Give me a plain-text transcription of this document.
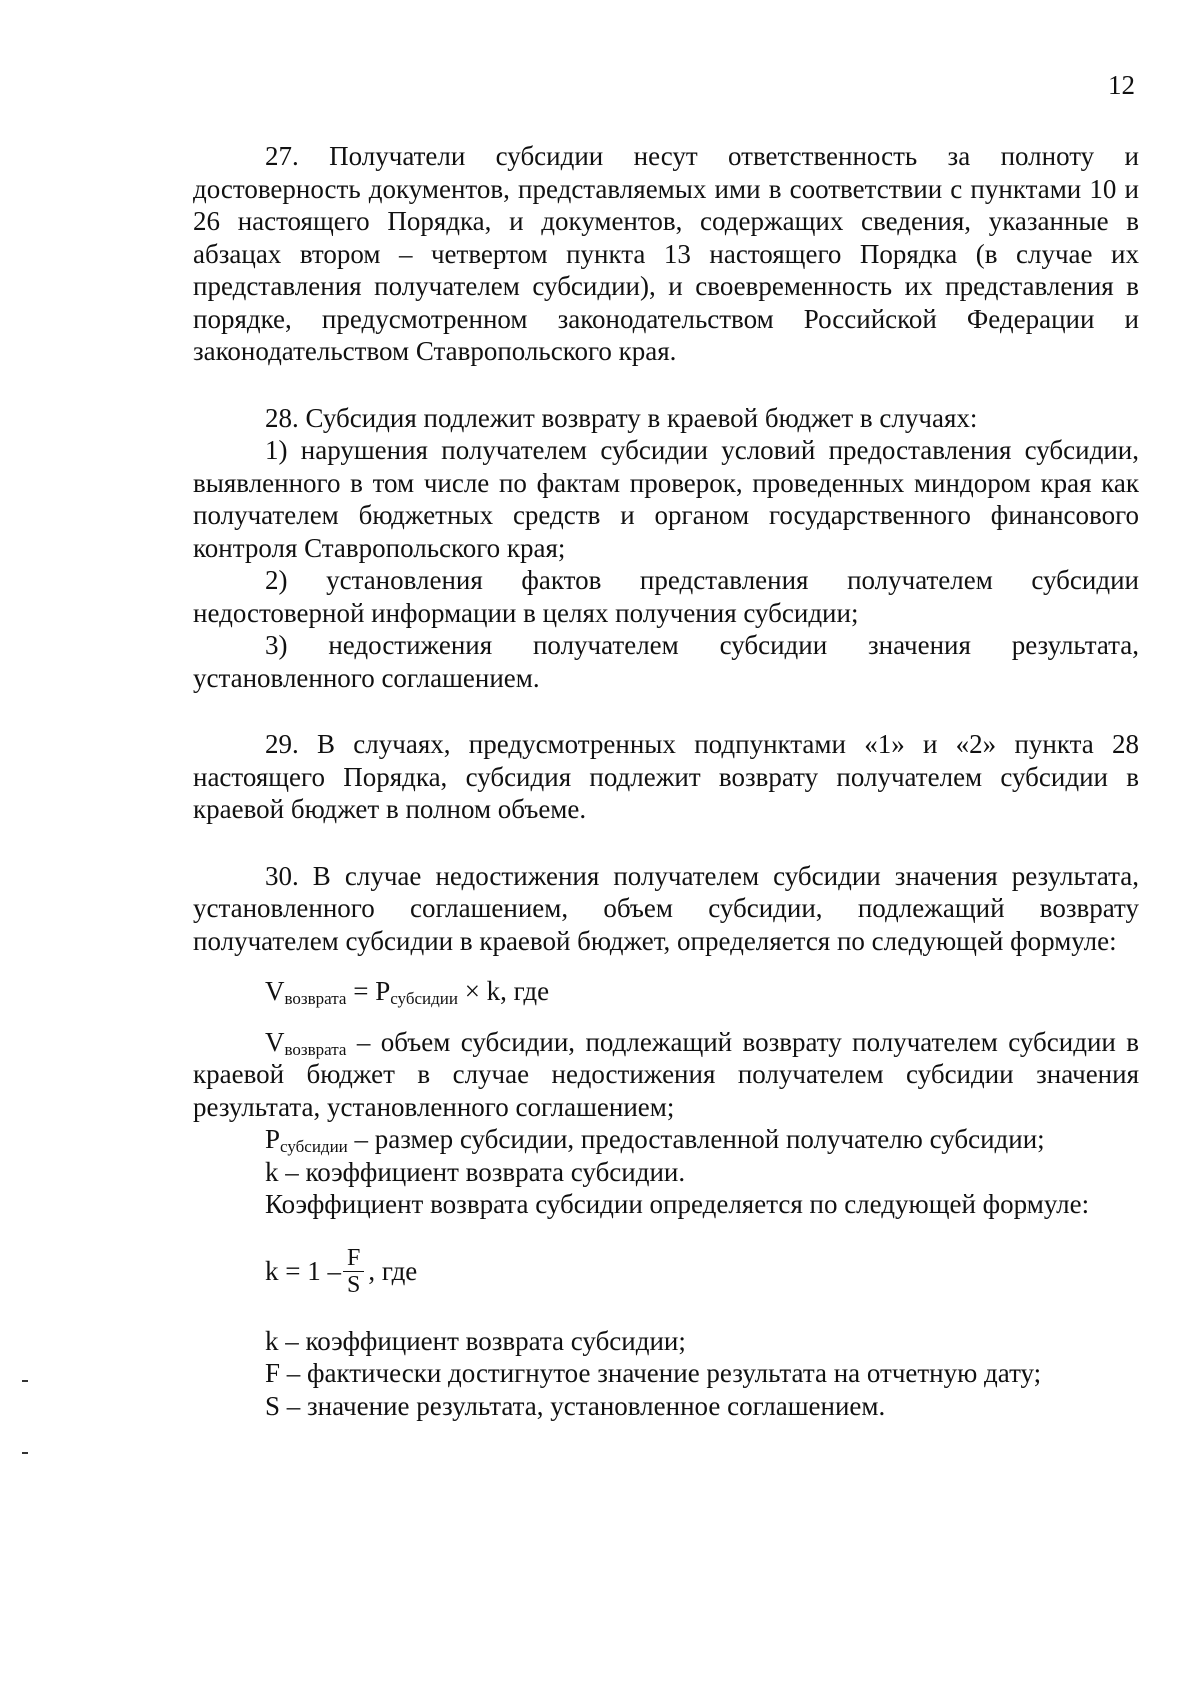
12

27. Получатели субсидии несут ответственность за полноту и достоверность документов, представляемых ими в соответствии с пунктами 10 и 26 настоящего Порядка, и документов, содержащих сведения, указанные в абзацах втором – четвертом пункта 13 настоящего Порядка (в случае их представления получателем субсидии), и своевременность их представления в порядке, предусмотренном законодательством Российской Федерации и законодательством Ставропольского края.

28. Субсидия подлежит возврату в краевой бюджет в случаях:

1) нарушения получателем субсидии условий предоставления субсидии, выявленного в том числе по фактам проверок, проведенных миндором края как получателем бюджетных средств и органом государственного финансового контроля Ставропольского края;

2) установления фактов представления получателем субсидии недостоверной информации в целях получения субсидии;

3) недостижения получателем субсидии значения результата, установленного соглашением.

29. В случаях, предусмотренных подпунктами «1» и «2» пункта 28 настоящего Порядка, субсидия подлежит возврату получателем субсидии в краевой бюджет в полном объеме.

30. В случае недостижения получателем субсидии значения результата, установленного соглашением, объем субсидии, подлежащий возврату получателем субсидии в краевой бюджет, определяется по следующей формуле:

$V_{возврата} = P_{субсидии} \times k$, где

$V_{возврата}$ – объем субсидии, подлежащий возврату получателем субсидии в краевой бюджет в случае недостижения получателем субсидии значения результата, установленного соглашением;

$P_{субсидии}$ – размер субсидии, предоставленной получателю субсидии;

k – коэффициент возврата субсидии.

Коэффициент возврата субсидии определяется по следующей формуле:

$k = 1 - \frac{F}{S}$ , где

k – коэффициент возврата субсидии;

F – фактически достигнутое значение результата на отчетную дату;

S – значение результата, установленное соглашением.
